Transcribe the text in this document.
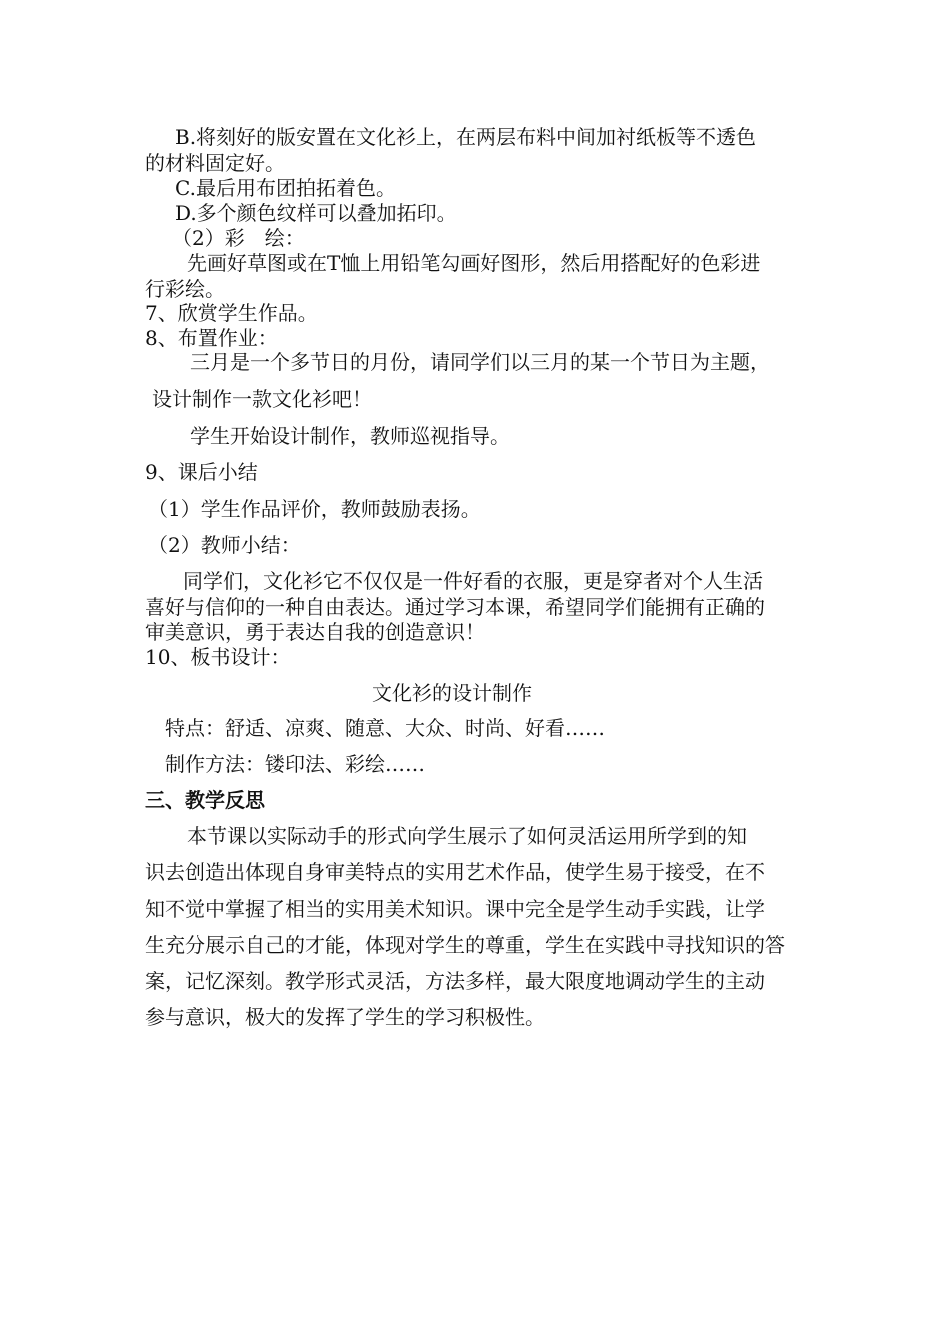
B.将刻好的版安置在文化衫上，在两层布料中间加衬纸板等不透色
的材料固定好。
C.最后用布团拍拓着色。
D.多个颜色纹样可以叠加拓印。
（2）彩　绘：
先画好草图或在T恤上用铅笔勾画好图形，然后用搭配好的色彩进
行彩绘。
7、欣赏学生作品。
8、布置作业：
三月是一个多节日的月份，请同学们以三月的某一个节日为主题，
设计制作一款文化衫吧！
学生开始设计制作，教师巡视指导。
9、课后小结
（1）学生作品评价，教师鼓励表扬。
（2）教师小结：
同学们，文化衫它不仅仅是一件好看的衣服，更是穿者对个人生活
喜好与信仰的一种自由表达。通过学习本课，希望同学们能拥有正确的
审美意识，勇于表达自我的创造意识！
10、板书设计：
文化衫的设计制作
特点：舒适、凉爽、随意、大众、时尚、好看……
制作方法：镂印法、彩绘……
三、教学反思
本节课以实际动手的形式向学生展示了如何灵活运用所学到的知
识去创造出体现自身审美特点的实用艺术作品，使学生易于接受，在不
知不觉中掌握了相当的实用美术知识。课中完全是学生动手实践，让学
生充分展示自己的才能，体现对学生的尊重，学生在实践中寻找知识的答
案，记忆深刻。教学形式灵活，方法多样，最大限度地调动学生的主动
参与意识，极大的发挥了学生的学习积极性。
